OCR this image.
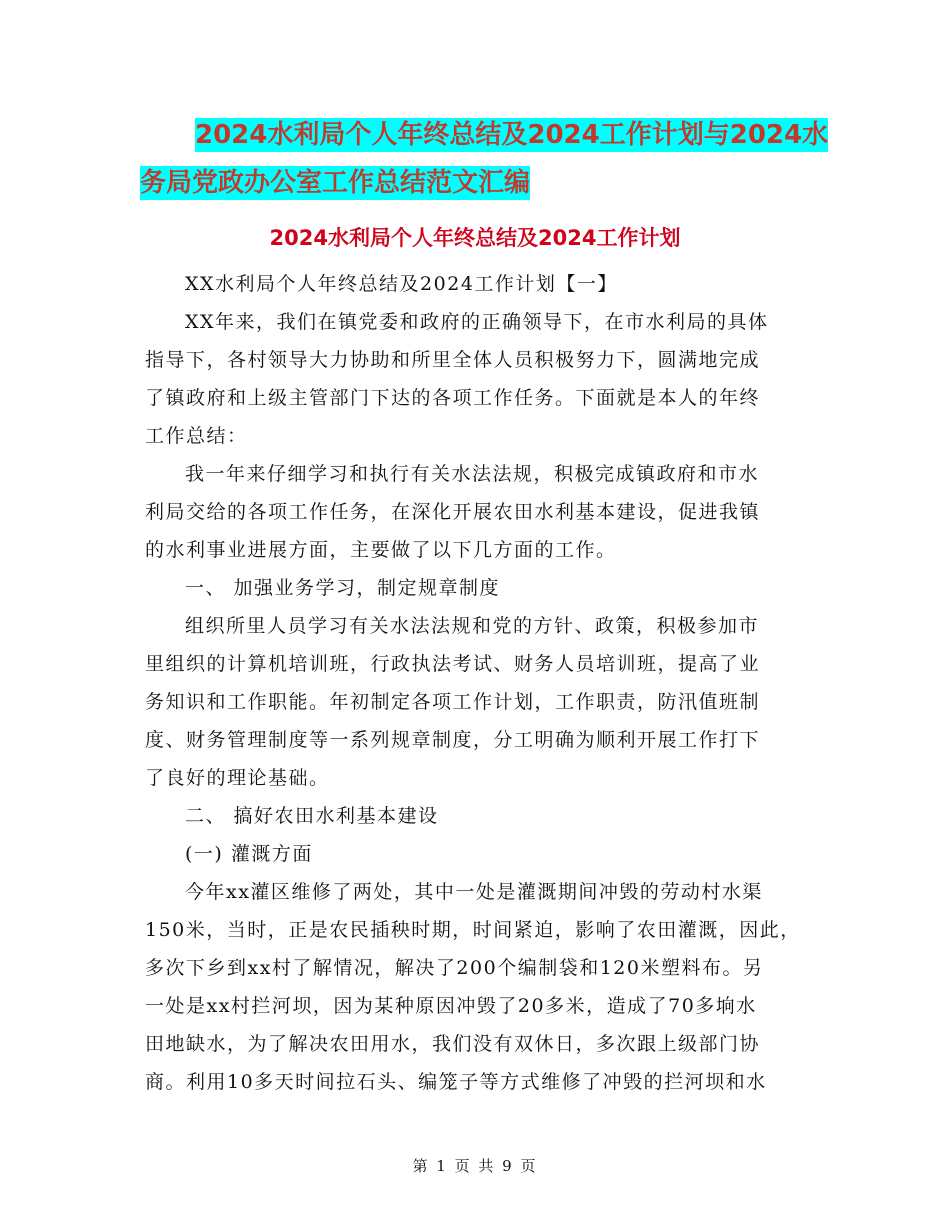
2024水利局个人年终总结及2024工作计划与2024水
务局党政办公室工作总结范文汇编
2024水利局个人年终总结及2024工作计划
XX水利局个人年终总结及2024工作计划【一】
XX年来，我们在镇党委和政府的正确领导下，在市水利局的具体
指导下，各村领导大力协助和所里全体人员积极努力下，圆满地完成
了镇政府和上级主管部门下达的各项工作任务。下面就是本人的年终
工作总结：
我一年来仔细学习和执行有关水法法规，积极完成镇政府和市水
利局交给的各项工作任务，在深化开展农田水利基本建设，促进我镇
的水利事业进展方面，主要做了以下几方面的工作。
一、 加强业务学习，制定规章制度
组织所里人员学习有关水法法规和党的方针、政策，积极参加市
里组织的计算机培训班，行政执法考试、财务人员培训班，提高了业
务知识和工作职能。年初制定各项工作计划，工作职责，防汛值班制
度、财务管理制度等一系列规章制度，分工明确为顺利开展工作打下
了良好的理论基础。
二、 搞好农田水利基本建设
(一) 灌溉方面
今年xx灌区维修了两处，其中一处是灌溉期间冲毁的劳动村水渠
150米，当时，正是农民插秧时期，时间紧迫，影响了农田灌溉，因此，
多次下乡到xx村了解情况，解决了200个编制袋和120米塑料布。另
一处是xx村拦河坝，因为某种原因冲毁了20多米，造成了70多垧水
田地缺水，为了解决农田用水，我们没有双休日，多次跟上级部门协
商。利用10多天时间拉石头、编笼子等方式维修了冲毁的拦河坝和水
第 1 页 共 9 页
